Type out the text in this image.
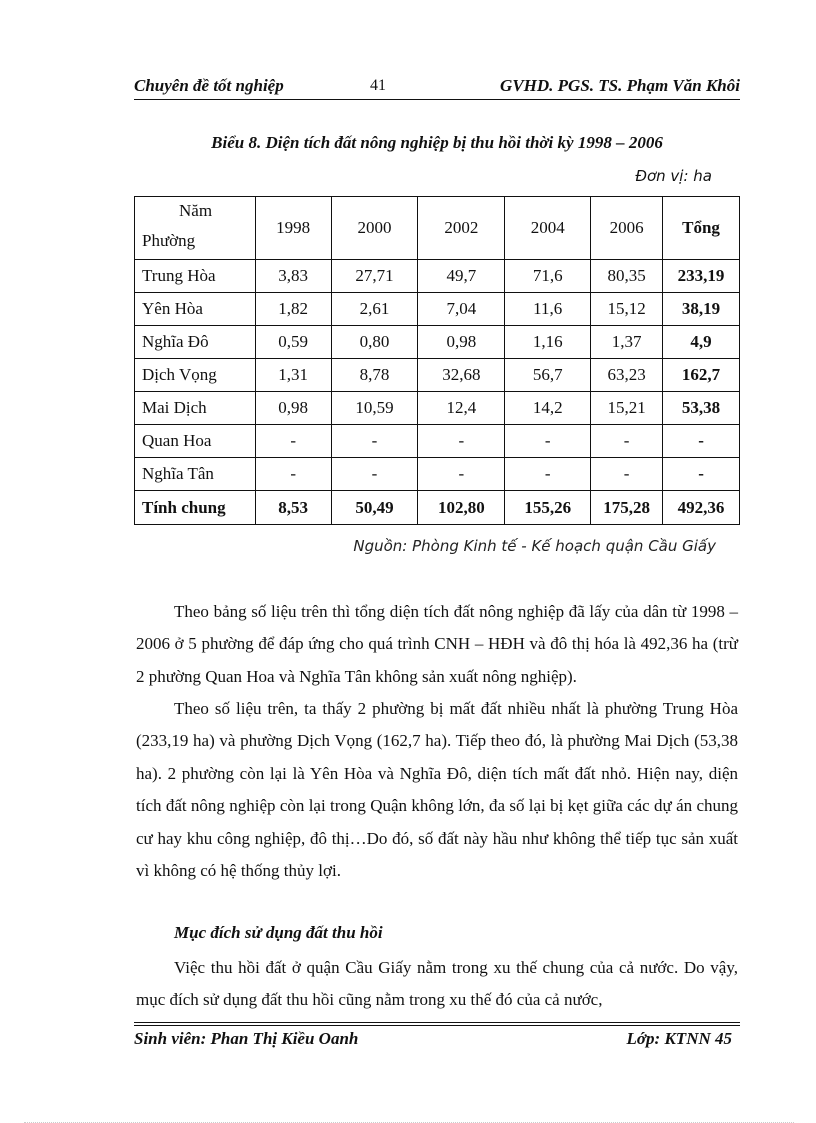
Chuyên đề tốt nghiệp	41	GVHD. PGS. TS. Phạm Văn Khôi
Biểu 8. Diện tích đất nông nghiệp bị thu hồi thời kỳ 1998 – 2006
Đơn vị: ha
Năm
Phường	1998	2000	2002	2004	2006	Tổng
Trung Hòa	3,83	27,71	49,7	71,6	80,35	233,19
Yên Hòa	1,82	2,61	7,04	11,6	15,12	38,19
Nghĩa Đô	0,59	0,80	0,98	1,16	1,37	4,9
Dịch Vọng	1,31	8,78	32,68	56,7	63,23	162,7
Mai Dịch	0,98	10,59	12,4	14,2	15,21	53,38
Quan Hoa	-	-	-	-	-	-
Nghĩa Tân	-	-	-	-	-	-
Tính chung	8,53	50,49	102,80	155,26	175,28	492,36
Nguồn: Phòng Kinh tế - Kế hoạch quận Cầu Giấy

Theo bảng số liệu trên thì tổng diện tích đất nông nghiệp đã lấy của dân từ 1998 – 2006 ở 5 phường để đáp ứng cho quá trình CNH – HĐH và đô thị hóa là 492,36 ha (trừ 2 phường Quan Hoa và Nghĩa Tân không sản xuất nông nghiệp).

Theo số liệu trên, ta thấy 2 phường bị mất đất nhiều nhất là phường Trung Hòa (233,19 ha) và phường Dịch Vọng (162,7 ha). Tiếp theo đó, là phường Mai Dịch (53,38 ha). 2 phường còn lại là Yên Hòa và Nghĩa Đô, diện tích mất đất nhỏ. Hiện nay, diện tích đất nông nghiệp còn lại trong Quận không lớn, đa số lại bị kẹt giữa các dự án chung cư hay khu công nghiệp, đô thị…Do đó, số đất này hầu như không thể tiếp tục sản xuất vì không có hệ thống thủy lợi.

Mục đích sử dụng đất thu hồi

Việc thu hồi đất ở quận Cầu Giấy nằm trong xu thế chung của cả nước. Do vậy, mục đích sử dụng đất thu hồi cũng nằm trong xu thế đó của cả nước,

Sinh viên: Phan Thị Kiều Oanh	Lớp: KTNN 45
